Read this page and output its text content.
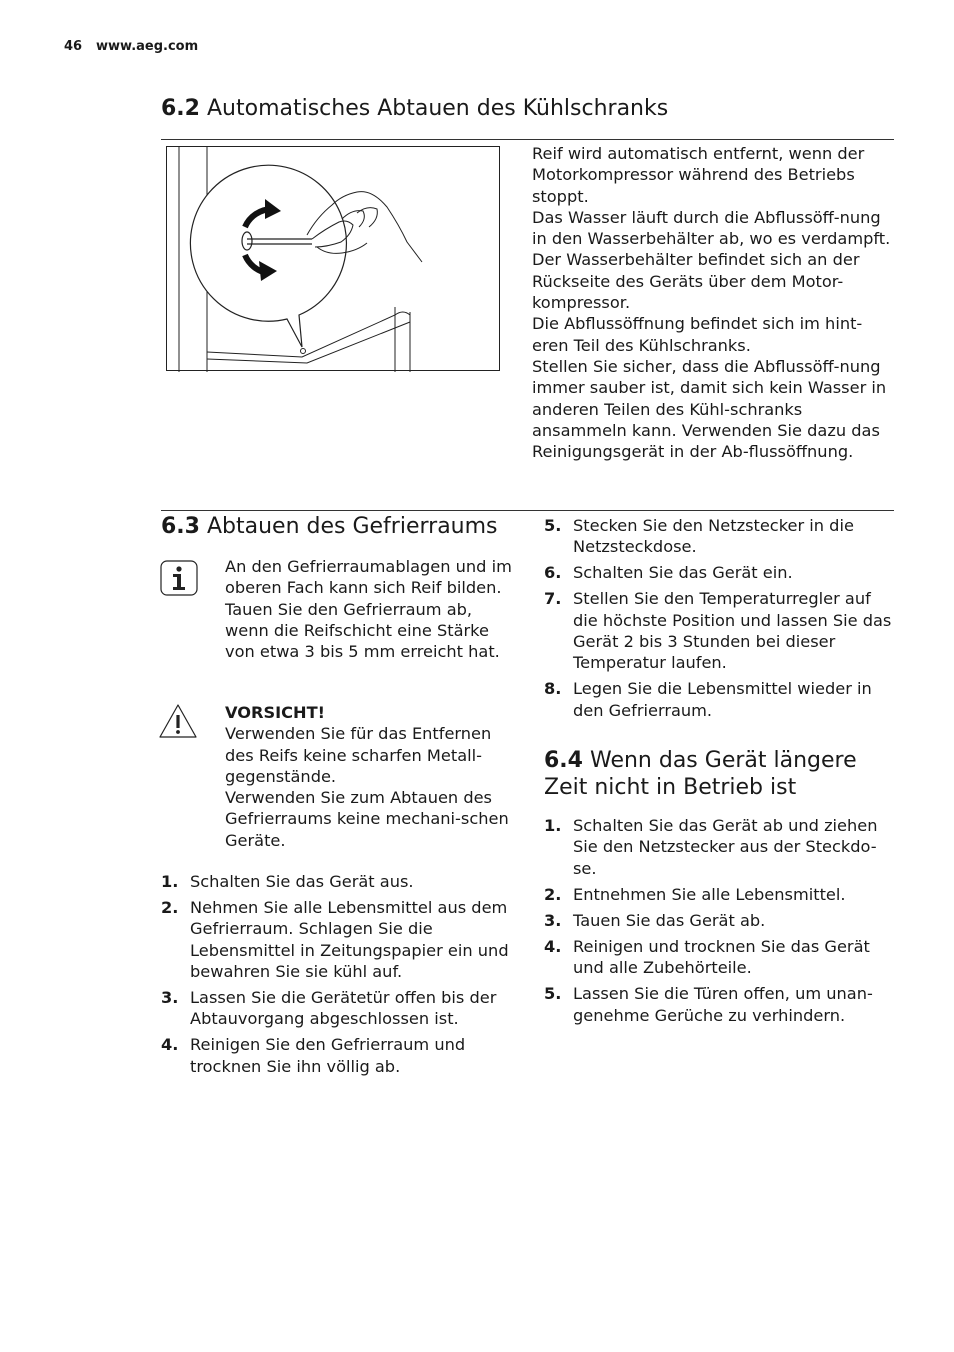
46 www.aeg.com
6.2 Automatisches Abtauen des Kühlschranks
Reif wird automatisch entfernt, wenn der Motorkompressor während des Betriebs stoppt.
Das Wasser läuft durch die Abflussöff-nung in den Wasserbehälter ab, wo es verdampft.
Der Wasserbehälter befindet sich an der Rückseite des Geräts über dem Motor-kompressor.
Die Abflussöffnung befindet sich im hint-eren Teil des Kühlschranks.
Stellen Sie sicher, dass die Abflussöff-nung immer sauber ist, damit sich kein Wasser in anderen Teilen des Kühl-schranks ansammeln kann. Verwenden Sie dazu das Reinigungsgerät in der Ab-flussöffnung.
6.3 Abtauen des Gefrierraums
An den Gefrierraumablagen und im oberen Fach kann sich Reif bilden.
Tauen Sie den Gefrierraum ab, wenn die Reifschicht eine Stärke von etwa 3 bis 5 mm erreicht hat.
VORSICHT!
Verwenden Sie für das Entfernen des Reifs keine scharfen Metall-gegenstände.
Verwenden Sie zum Abtauen des Gefrierraums keine mechani-schen Geräte.
1. Schalten Sie das Gerät aus.
2. Nehmen Sie alle Lebensmittel aus dem Gefrierraum. Schlagen Sie die Lebensmittel in Zeitungspapier ein und bewahren Sie sie kühl auf.
3. Lassen Sie die Gerätetür offen bis der Abtauvorgang abgeschlossen ist.
4. Reinigen Sie den Gefrierraum und trocknen Sie ihn völlig ab.
5. Stecken Sie den Netzstecker in die Netzsteckdose.
6. Schalten Sie das Gerät ein.
7. Stellen Sie den Temperaturregler auf die höchste Position und lassen Sie das Gerät 2 bis 3 Stunden bei dieser Temperatur laufen.
8. Legen Sie die Lebensmittel wieder in den Gefrierraum.
6.4 Wenn das Gerät längere Zeit nicht in Betrieb ist
1. Schalten Sie das Gerät ab und ziehen Sie den Netzstecker aus der Steckdo-se.
2. Entnehmen Sie alle Lebensmittel.
3. Tauen Sie das Gerät ab.
4. Reinigen und trocknen Sie das Gerät und alle Zubehörteile.
5. Lassen Sie die Türen offen, um unan-genehme Gerüche zu verhindern.
